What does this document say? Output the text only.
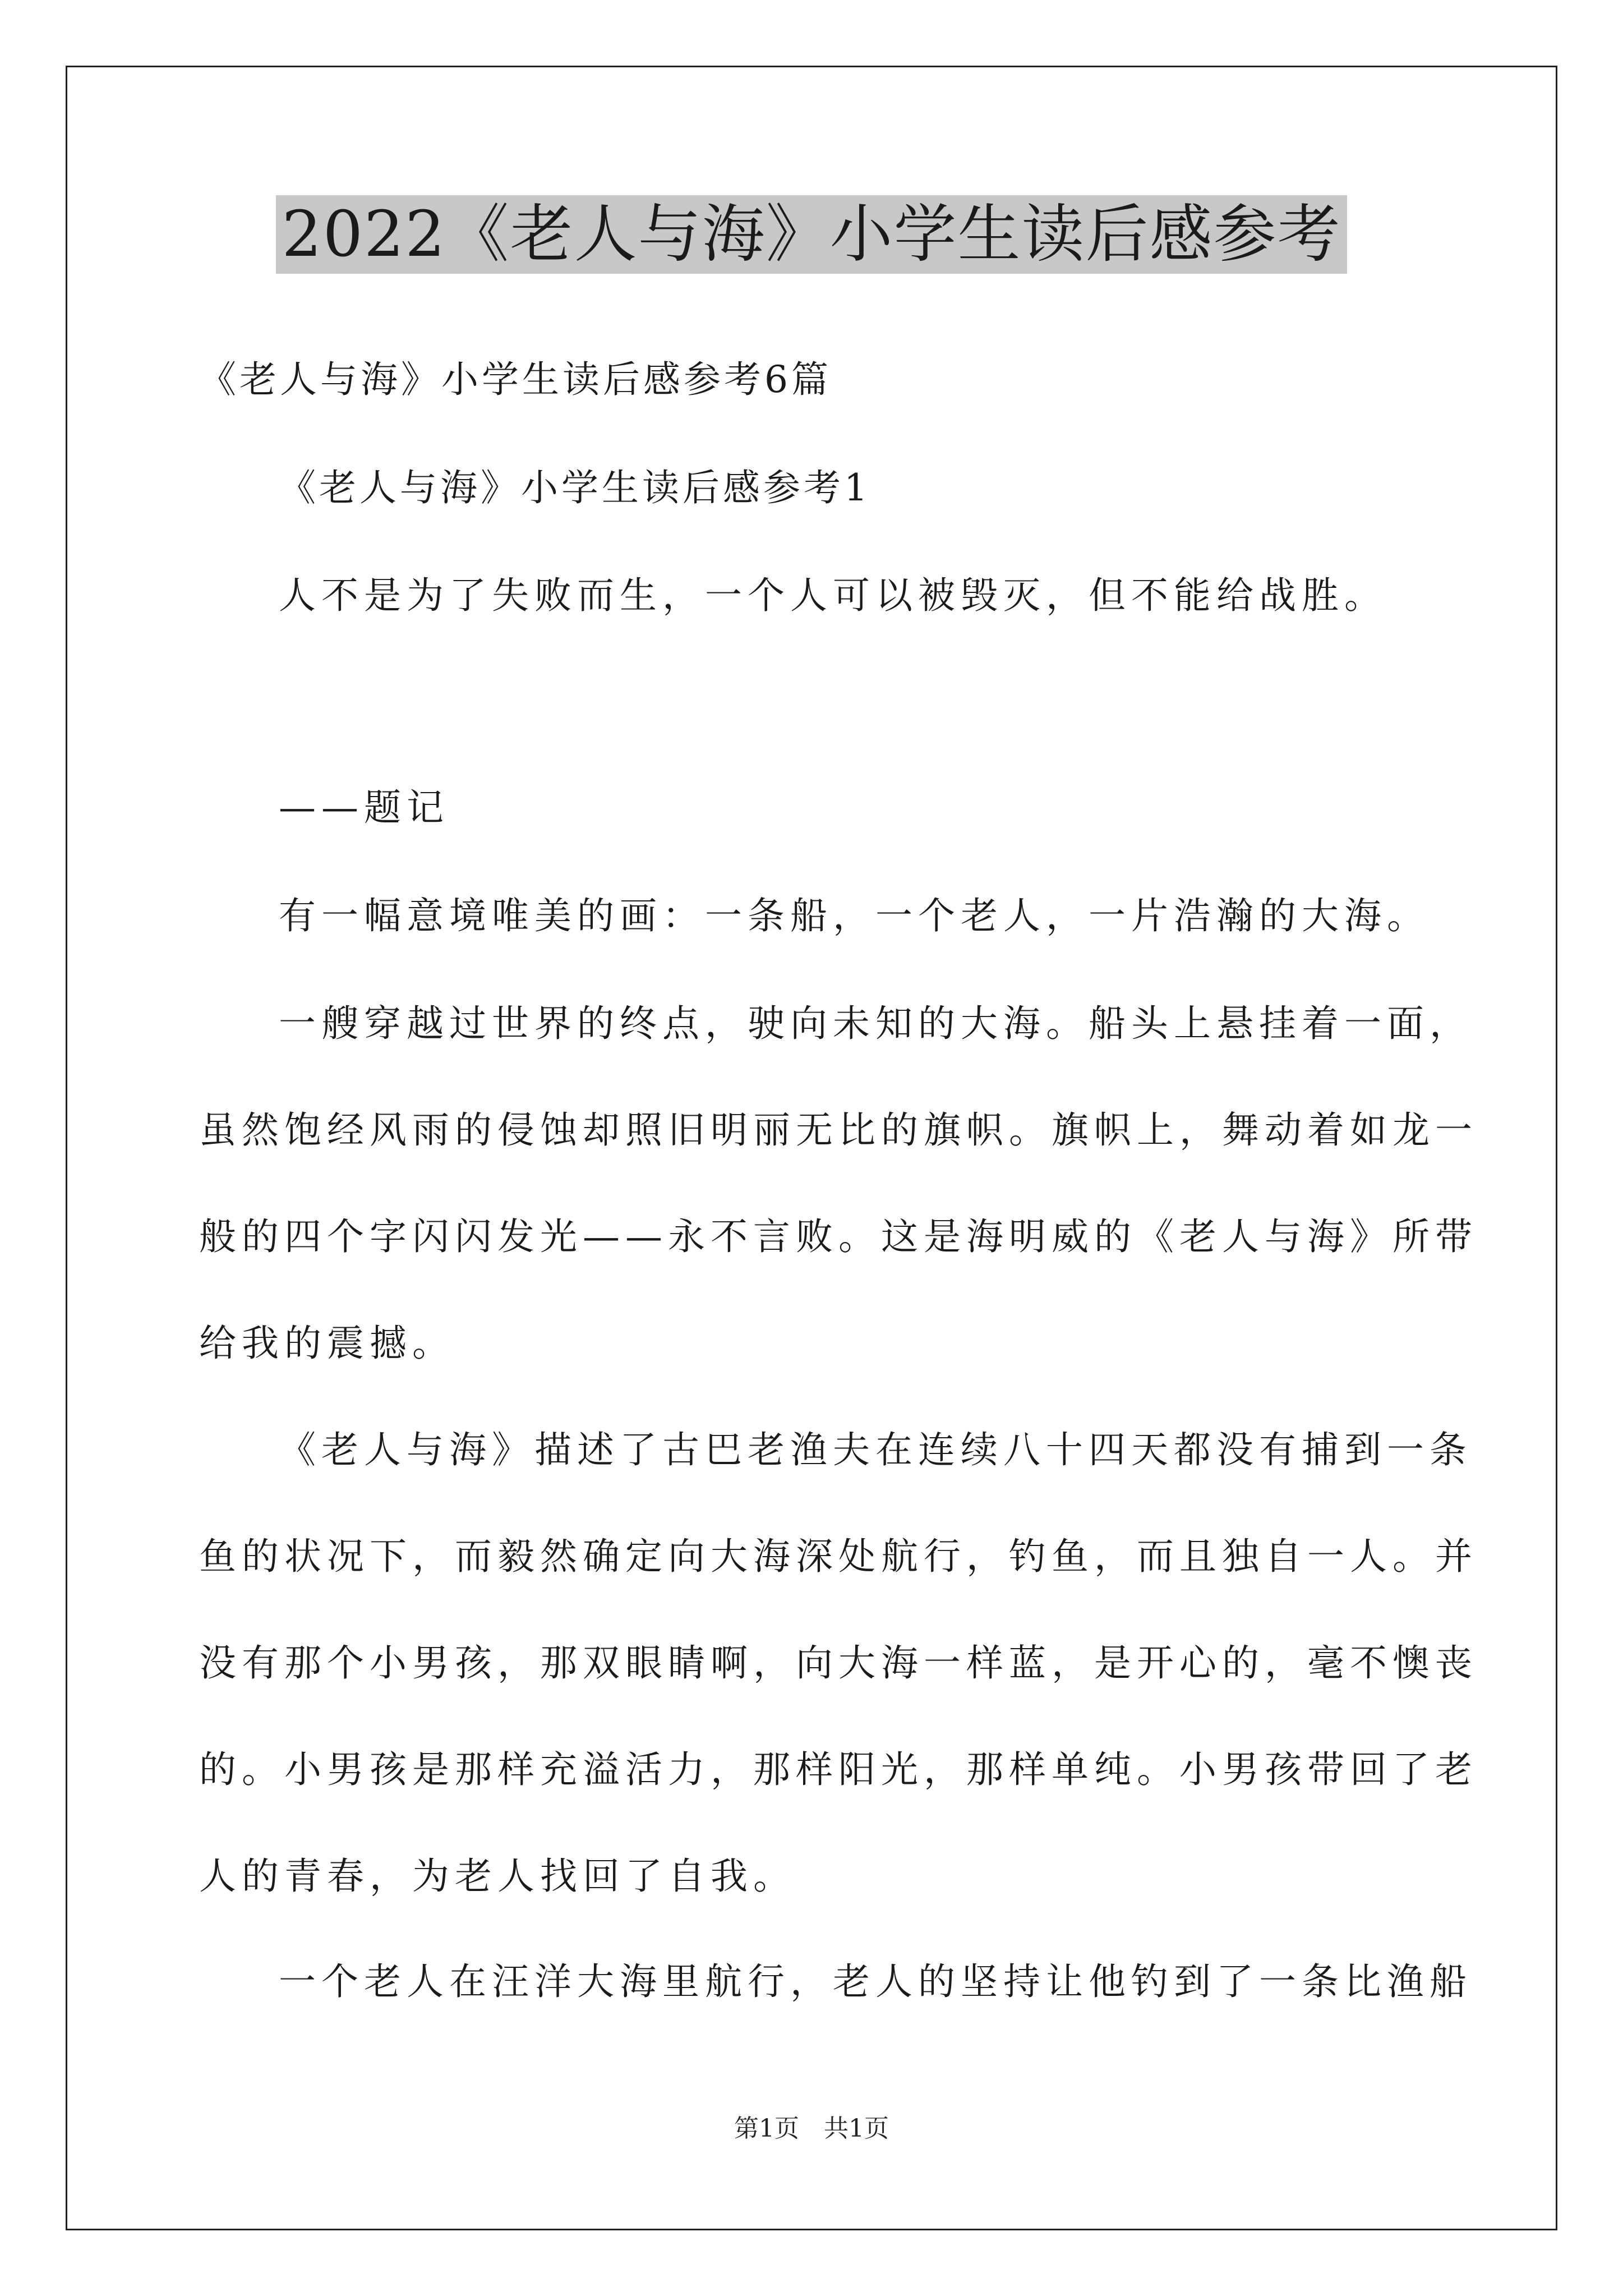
2022《老人与海》小学生读后感参考
《老人与海》小学生读后感参考6篇
《老人与海》小学生读后感参考1
人不是为了失败而生，一个人可以被毁灭，但不能给战胜。
——题记
有一幅意境唯美的画：一条船，一个老人，一片浩瀚的大海。
一艘穿越过世界的终点，驶向未知的大海。船头上悬挂着一面，
虽然饱经风雨的侵蚀却照旧明丽无比的旗帜。旗帜上，舞动着如龙一
般的四个字闪闪发光——永不言败。这是海明威的《老人与海》所带
给我的震撼。
《老人与海》描述了古巴老渔夫在连续八十四天都没有捕到一条
鱼的状况下，而毅然确定向大海深处航行，钓鱼，而且独自一人。并
没有那个小男孩，那双眼睛啊，向大海一样蓝，是开心的，毫不懊丧
的。小男孩是那样充溢活力，那样阳光，那样单纯。小男孩带回了老
人的青春，为老人找回了自我。
一个老人在汪洋大海里航行，老人的坚持让他钓到了一条比渔船
第1页　共1页
